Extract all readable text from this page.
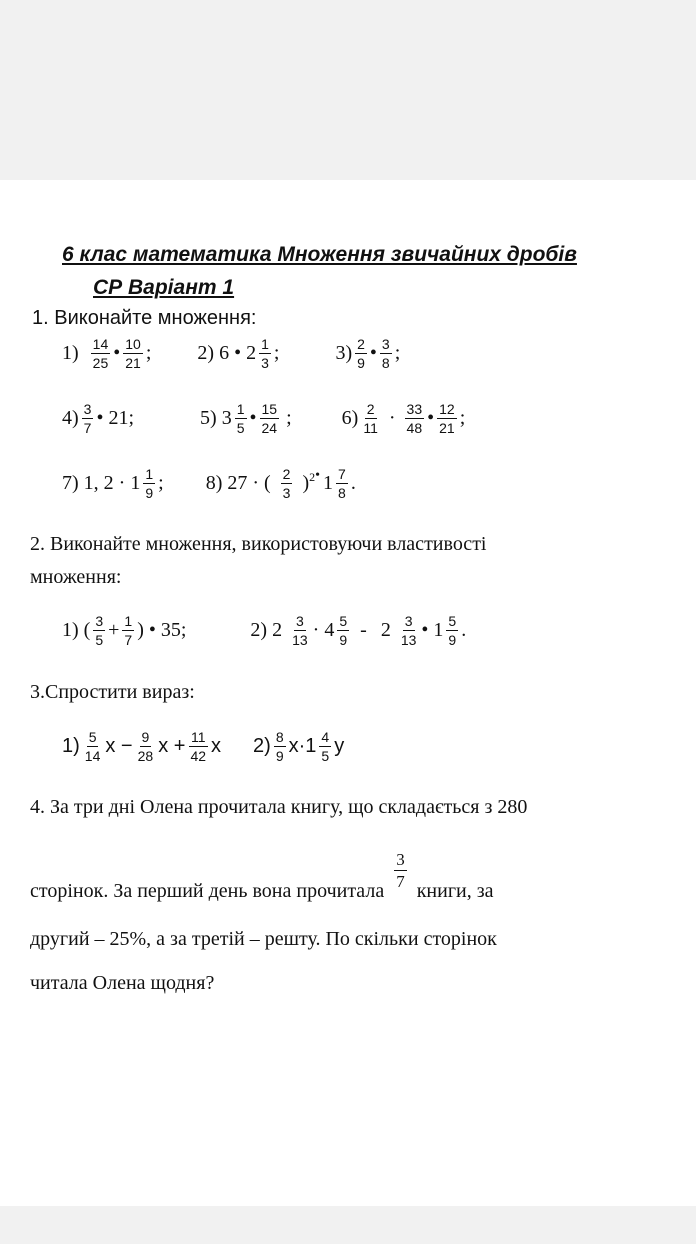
6 клас математика Множення звичайних дробів
СР Варіант 1
1. Виконайте множення:
1) 14
25 • 10
21 ; 2) 6 • 2 1
3 ;	3) 2
9 • 3
8 ;
4) 3
7 • 21;	5) 3 1
5 • 15
24 ;	6) 2
11 · 33
48 • 12
21 ;
7) 1, 2 · 1 1
9 ; 8) 27 · ( 2
3 )$^2$ • 1 7
8 .
2. Виконайте множення, використовуючи властивості
множення:
1) ( 3
$5 + \frac{1}{7}$ ) • 35;	2) 2 3
13 · 4 5
9 - 2 3
13 • 1 5
9 .
3.Спростити вираз:
1) 5
14 $x - \frac{9}{28}$ $x + \frac{11}{42}$ x 2) 8
9 x·1 4
5 y
4. За три дні Олена прочитала книгу, що складається з 280
сторінок. За перший день вона прочитала
3
7 книги, за
другий – 25%, а за третій – решту. По скільки сторінок
читала Олена щодня?
